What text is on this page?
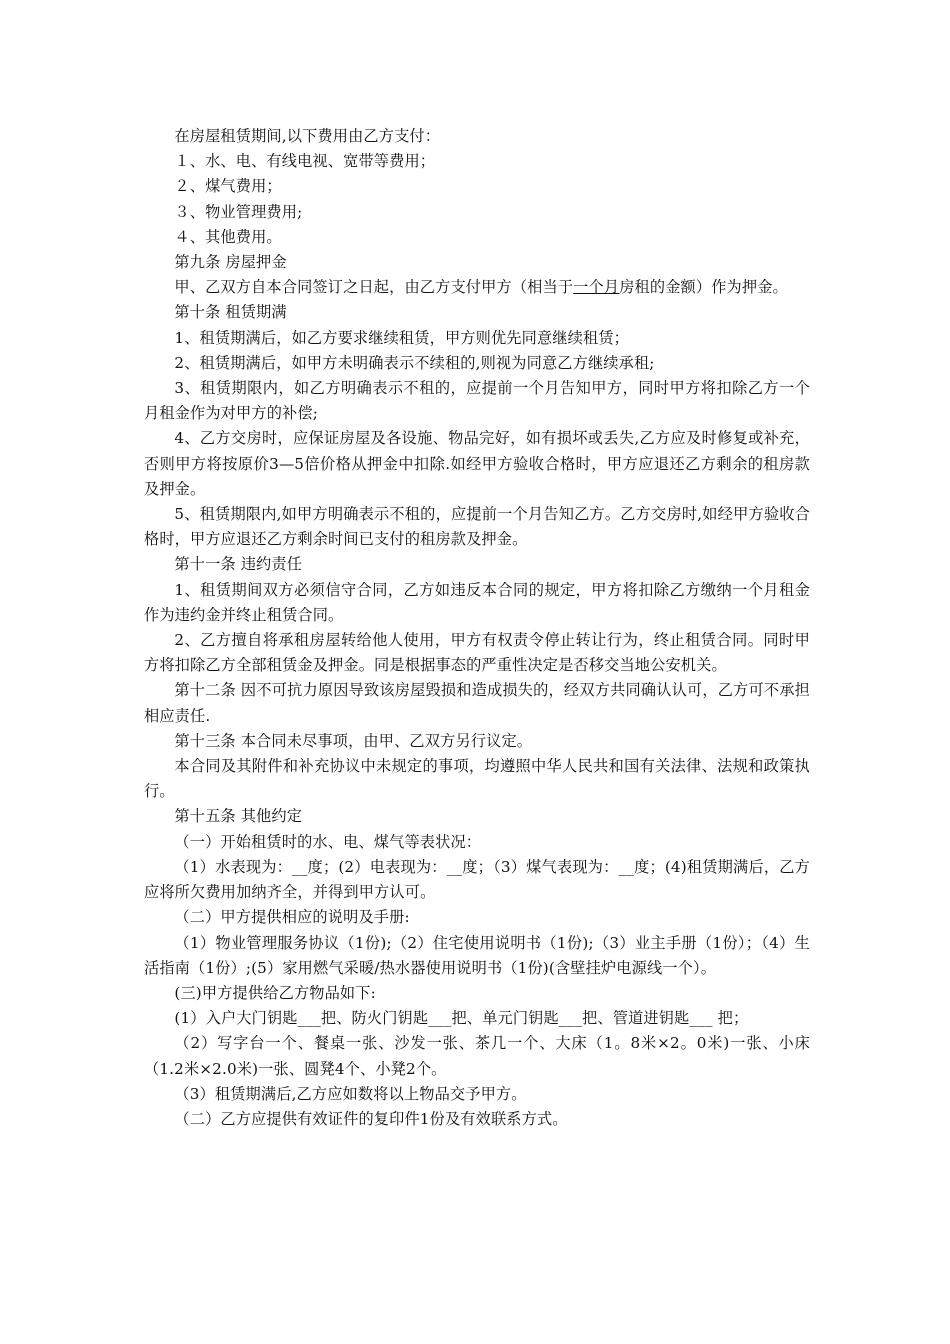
在房屋租赁期间,以下费用由乙方支付：

１、水、电、有线电视、宽带等费用；

２、煤气费用；

３、物业管理费用;

４、其他费用。

第九条 房屋押金

甲、乙双方自本合同签订之日起，由乙方支付甲方（相当于一个月房租的金额）作为押金。

第十条 租赁期满

1、租赁期满后，如乙方要求继续租赁，甲方则优先同意继续租赁；

2、租赁期满后，如甲方未明确表示不续租的,则视为同意乙方继续承租;

3、租赁期限内，如乙方明确表示不租的，应提前一个月告知甲方，同时甲方将扣除乙方一个月租金作为对甲方的补偿;

4、乙方交房时，应保证房屋及各设施、物品完好，如有损坏或丢失,乙方应及时修复或补充，否则甲方将按原价3—5倍价格从押金中扣除.如经甲方验收合格时，甲方应退还乙方剩余的租房款及押金。

5、租赁期限内,如甲方明确表示不租的，应提前一个月告知乙方。乙方交房时,如经甲方验收合格时，甲方应退还乙方剩余时间已支付的租房款及押金。

第十一条 违约责任

1、租赁期间双方必须信守合同，乙方如违反本合同的规定，甲方将扣除乙方缴纳一个月租金作为违约金并终止租赁合同。

2、乙方擅自将承租房屋转给他人使用，甲方有权责令停止转让行为，终止租赁合同。同时甲方将扣除乙方全部租赁金及押金。同是根据事态的严重性决定是否移交当地公安机关。

第十二条 因不可抗力原因导致该房屋毁损和造成损失的，经双方共同确认认可，乙方可不承担相应责任.

第十三条 本合同未尽事项，由甲、乙双方另行议定。

本合同及其附件和补充协议中未规定的事项，均遵照中华人民共和国有关法律、法规和政策执行。

第十五条 其他约定

（一）开始租赁时的水、电、煤气等表状况：

（1）水表现为：__度；(2）电表现为：__度；（3）煤气表现为：__度；(4)租赁期满后，乙方应将所欠费用加纳齐全，并得到甲方认可。

（二）甲方提供相应的说明及手册:

（1）物业管理服务协议（1份);（2）住宅使用说明书（1份);（3）业主手册（1份）；（4）生活指南（1份）;(5）家用燃气采暖/热水器使用说明书（1份)(含壁挂炉电源线一个）。

(三)甲方提供给乙方物品如下:

(1）入户大门钥匙___把、防火门钥匙___把、单元门钥匙___把、管道进钥匙___ 把；

（2）写字台一个、餐桌一张、沙发一张、茶几一个、大床（1。8米×2。0米)一张、小床（1.2米×2.0米)一张、圆凳4个、小凳2个。

（3）租赁期满后,乙方应如数将以上物品交予甲方。

（二）乙方应提供有效证件的复印件1份及有效联系方式。
